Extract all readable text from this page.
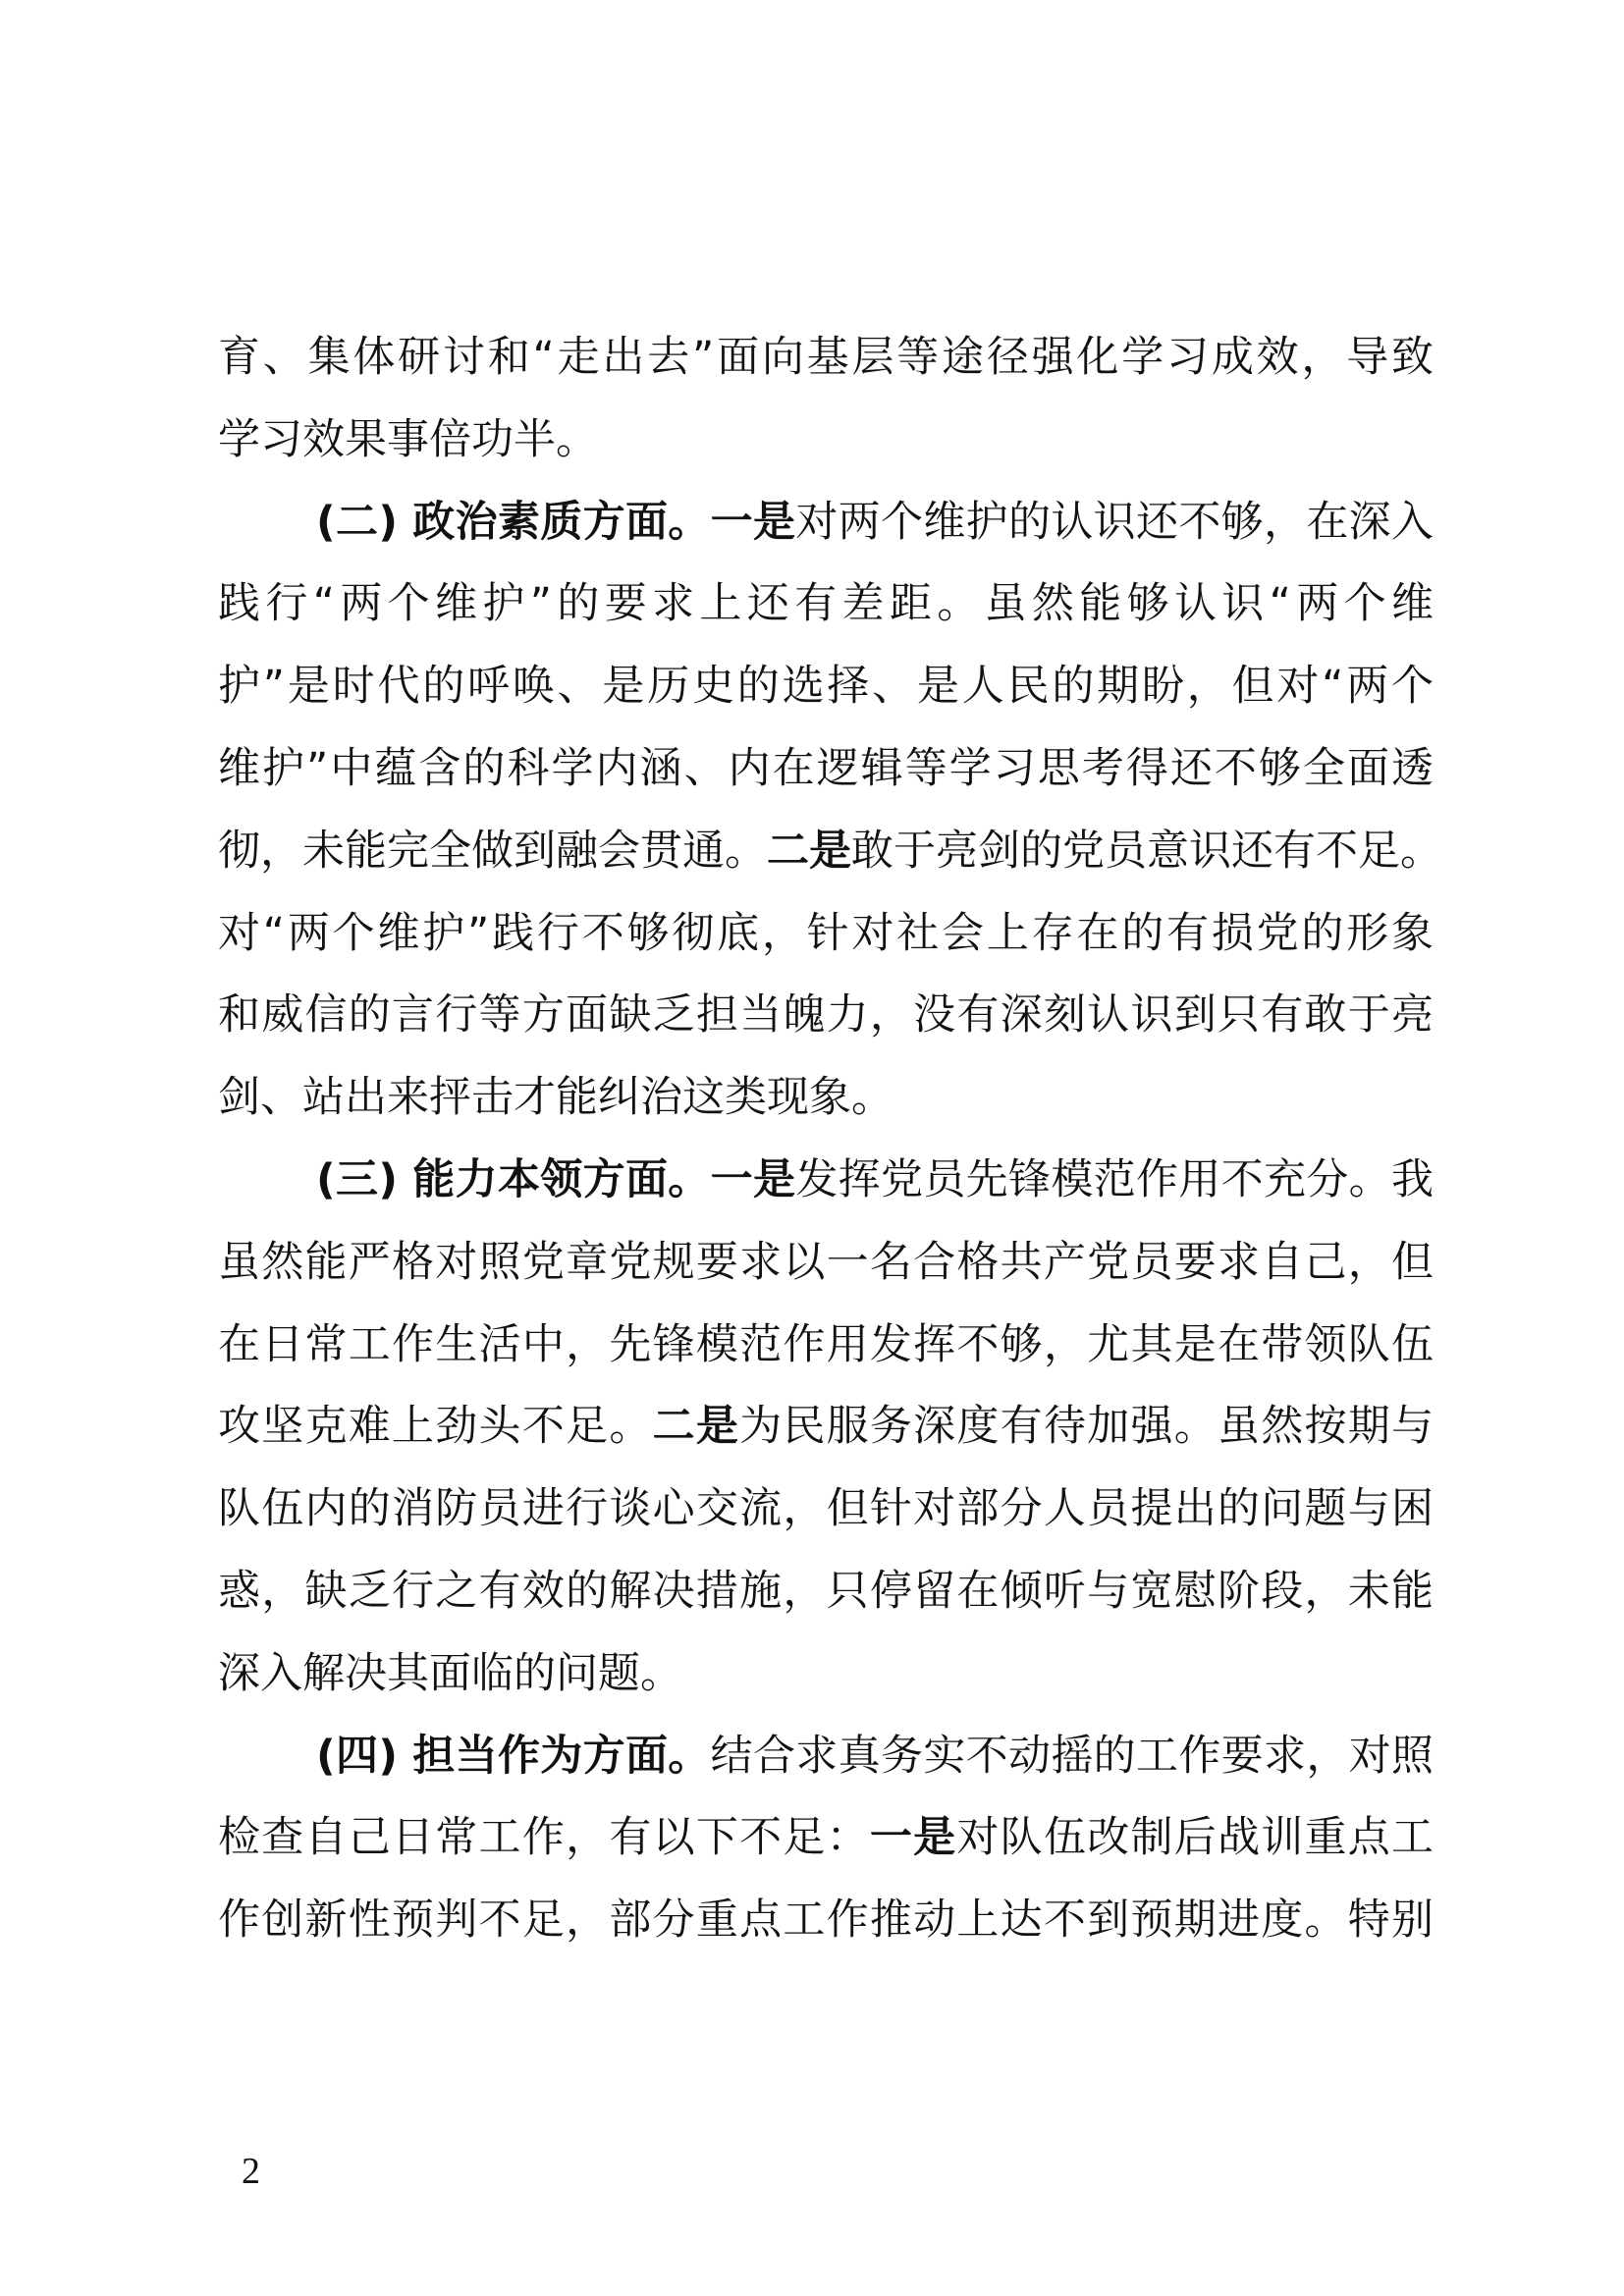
育、集体研讨和“走出去”面向基层等途径强化学习成效，导致
学习效果事倍功半。
(二) 政治素质方面。一是对两个维护的认识还不够，在深入
践行“两个维护”的要求上还有差距。虽然能够认识“两个维
护”是时代的呼唤、是历史的选择、是人民的期盼，但对“两个
维护”中蕴含的科学内涵、内在逻辑等学习思考得还不够全面透
彻，未能完全做到融会贯通。二是敢于亮剑的党员意识还有不足。
对“两个维护”践行不够彻底，针对社会上存在的有损党的形象
和威信的言行等方面缺乏担当魄力，没有深刻认识到只有敢于亮
剑、站出来抨击才能纠治这类现象。
(三) 能力本领方面。一是发挥党员先锋模范作用不充分。我
虽然能严格对照党章党规要求以一名合格共产党员要求自己，但
在日常工作生活中，先锋模范作用发挥不够，尤其是在带领队伍
攻坚克难上劲头不足。二是为民服务深度有待加强。虽然按期与
队伍内的消防员进行谈心交流，但针对部分人员提出的问题与困
惑，缺乏行之有效的解决措施，只停留在倾听与宽慰阶段，未能
深入解决其面临的问题。
(四) 担当作为方面。结合求真务实不动摇的工作要求，对照
检查自己日常工作，有以下不足：一是对队伍改制后战训重点工
作创新性预判不足，部分重点工作推动上达不到预期进度。特别
2
